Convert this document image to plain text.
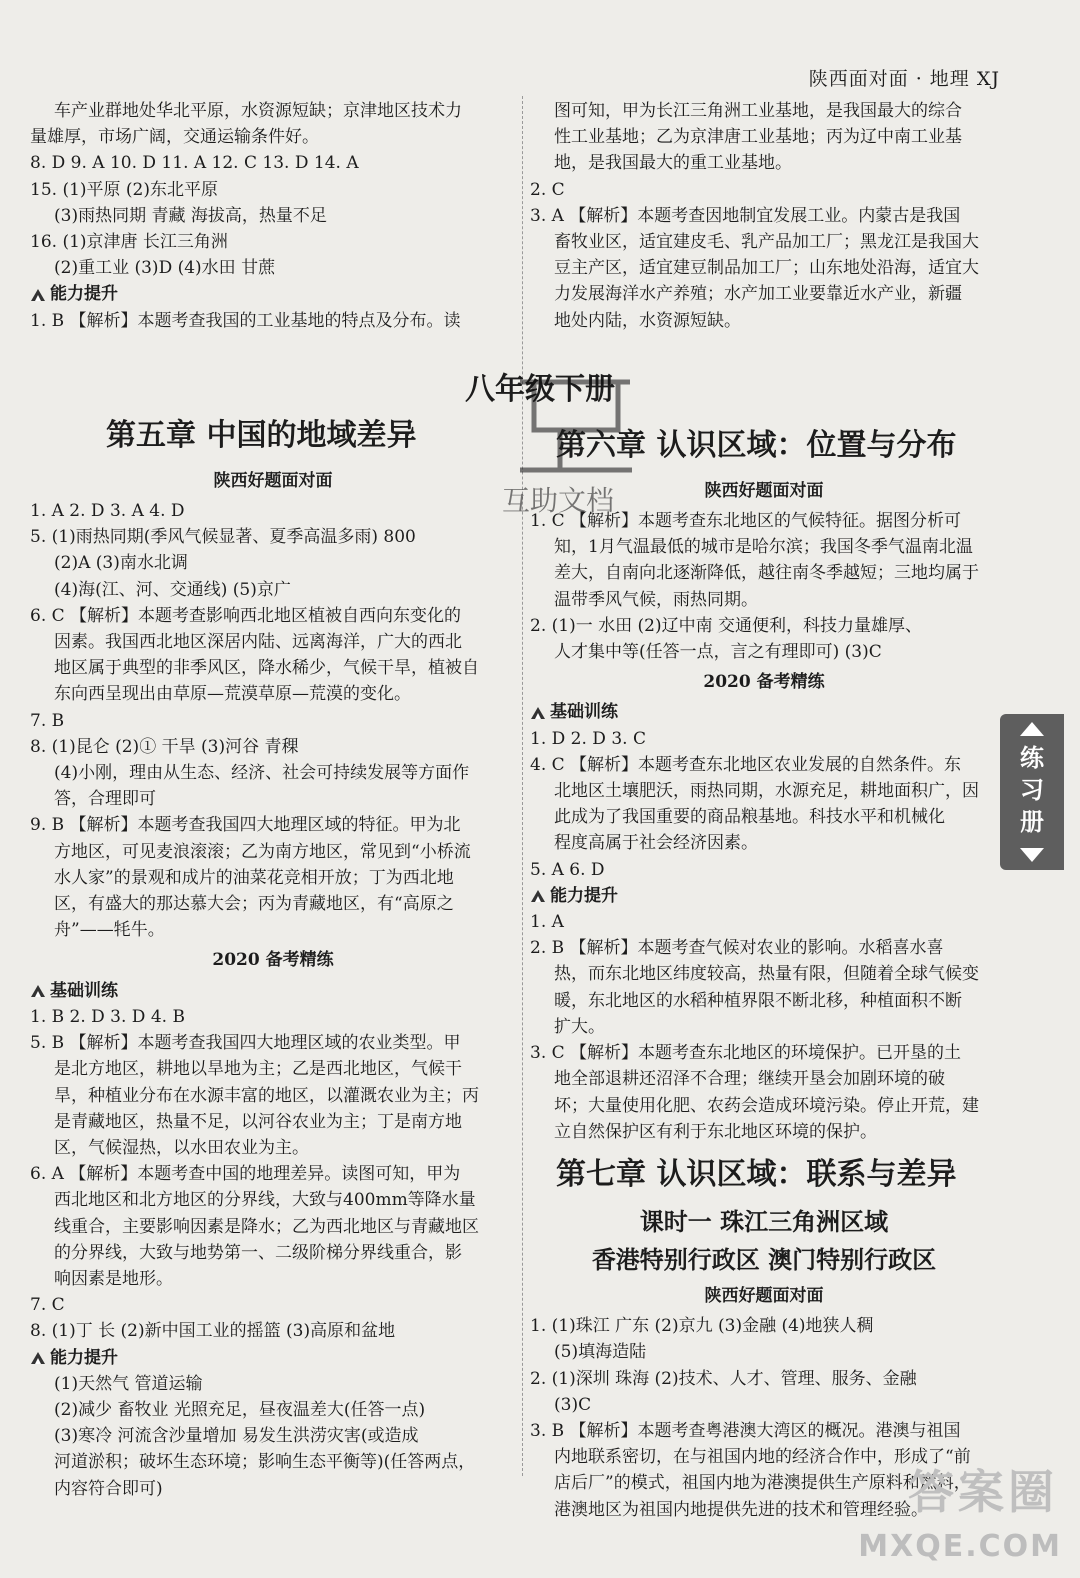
陕西面对面 · 地理 XJ
八年级下册
互助文档
车产业群地处华北平原，水资源短缺；京津地区技术力
量雄厚，市场广阔，交通运输条件好。
8. D 9. A 10. D 11. A 12. C 13. D 14. A
15. (1)平原 (2)东北平原
(3)雨热同期 青藏 海拔高，热量不足
16. (1)京津唐 长江三角洲
(2)重工业 (3)D (4)水田 甘蔗
能力提升
1. B 【解析】本题考查我国的工业基地的特点及分布。读
第五章 中国的地域差异
陕西好题面对面
1. A 2. D 3. A 4. D
5. (1)雨热同期(季风气候显著、夏季高温多雨) 800
(2)A (3)南水北调
(4)海(江、河、交通线) (5)京广
6. C 【解析】本题考查影响西北地区植被自西向东变化的
因素。我国西北地区深居内陆、远离海洋，广大的西北
地区属于典型的非季风区，降水稀少，气候干旱，植被自
东向西呈现出由草原—荒漠草原—荒漠的变化。
7. B
8. (1)昆仑 (2)① 干旱 (3)河谷 青稞
(4)小刚，理由从生态、经济、社会可持续发展等方面作
答，合理即可
9. B 【解析】本题考查我国四大地理区域的特征。甲为北
方地区，可见麦浪滚滚；乙为南方地区，常见到“小桥流
水人家”的景观和成片的油菜花竞相开放；丁为西北地
区，有盛大的那达慕大会；丙为青藏地区，有“高原之
舟”——牦牛。
2020 备考精练
基础训练
1. B 2. D 3. D 4. B
5. B 【解析】本题考查我国四大地理区域的农业类型。甲
是北方地区，耕地以旱地为主；乙是西北地区，气候干
旱，种植业分布在水源丰富的地区，以灌溉农业为主；丙
是青藏地区，热量不足，以河谷农业为主；丁是南方地
区，气候湿热，以水田农业为主。
6. A 【解析】本题考查中国的地理差异。读图可知，甲为
西北地区和北方地区的分界线，大致与400mm等降水量
线重合，主要影响因素是降水；乙为西北地区与青藏地区
的分界线，大致与地势第一、二级阶梯分界线重合，影
响因素是地形。
7. C
8. (1)丁 长 (2)新中国工业的摇篮 (3)高原和盆地
能力提升
(1)天然气 管道运输
(2)减少 畜牧业 光照充足，昼夜温差大(任答一点)
(3)寒冷 河流含沙量增加 易发生洪涝灾害(或造成
河道淤积；破坏生态环境；影响生态平衡等)(任答两点，
内容符合即可)
图可知，甲为长江三角洲工业基地，是我国最大的综合
性工业基地；乙为京津唐工业基地；丙为辽中南工业基
地，是我国最大的重工业基地。
2. C
3. A 【解析】本题考查因地制宜发展工业。内蒙古是我国
畜牧业区，适宜建皮毛、乳产品加工厂；黑龙江是我国大
豆主产区，适宜建豆制品加工厂；山东地处沿海，适宜大
力发展海洋水产养殖；水产加工业要靠近水产业，新疆
地处内陆，水资源短缺。
第六章 认识区域：位置与分布
陕西好题面对面
1. C 【解析】本题考查东北地区的气候特征。据图分析可
知，1月气温最低的城市是哈尔滨；我国冬季气温南北温
差大，自南向北逐渐降低，越往南冬季越短；三地均属于
温带季风气候，雨热同期。
2. (1)一 水田 (2)辽中南 交通便利，科技力量雄厚、
人才集中等(任答一点，言之有理即可) (3)C
2020 备考精练
基础训练
1. D 2. D 3. C
4. C 【解析】本题考查东北地区农业发展的自然条件。东
北地区土壤肥沃，雨热同期，水源充足，耕地面积广，因
此成为了我国重要的商品粮基地。科技水平和机械化
程度高属于社会经济因素。
5. A 6. D
能力提升
1. A
2. B 【解析】本题考查气候对农业的影响。水稻喜水喜
热，而东北地区纬度较高，热量有限，但随着全球气候变
暖，东北地区的水稻种植界限不断北移，种植面积不断
扩大。
3. C 【解析】本题考查东北地区的环境保护。已开垦的土
地全部退耕还沼泽不合理；继续开垦会加剧环境的破
坏；大量使用化肥、农药会造成环境污染。停止开荒，建
立自然保护区有利于东北地区环境的保护。
第七章 认识区域：联系与差异
课时一 珠江三角洲区域
香港特别行政区 澳门特别行政区
陕西好题面对面
1. (1)珠江 广东 (2)京九 (3)金融 (4)地狭人稠
(5)填海造陆
2. (1)深圳 珠海 (2)技术、人才、管理、服务、金融
(3)C
3. B 【解析】本题考查粤港澳大湾区的概况。港澳与祖国
内地联系密切，在与祖国内地的经济合作中，形成了“前
店后厂”的模式，祖国内地为港澳提供生产原料和燃料，
港澳地区为祖国内地提供先进的技术和管理经验。
练
习
册
答案圈
MXQE.COM
